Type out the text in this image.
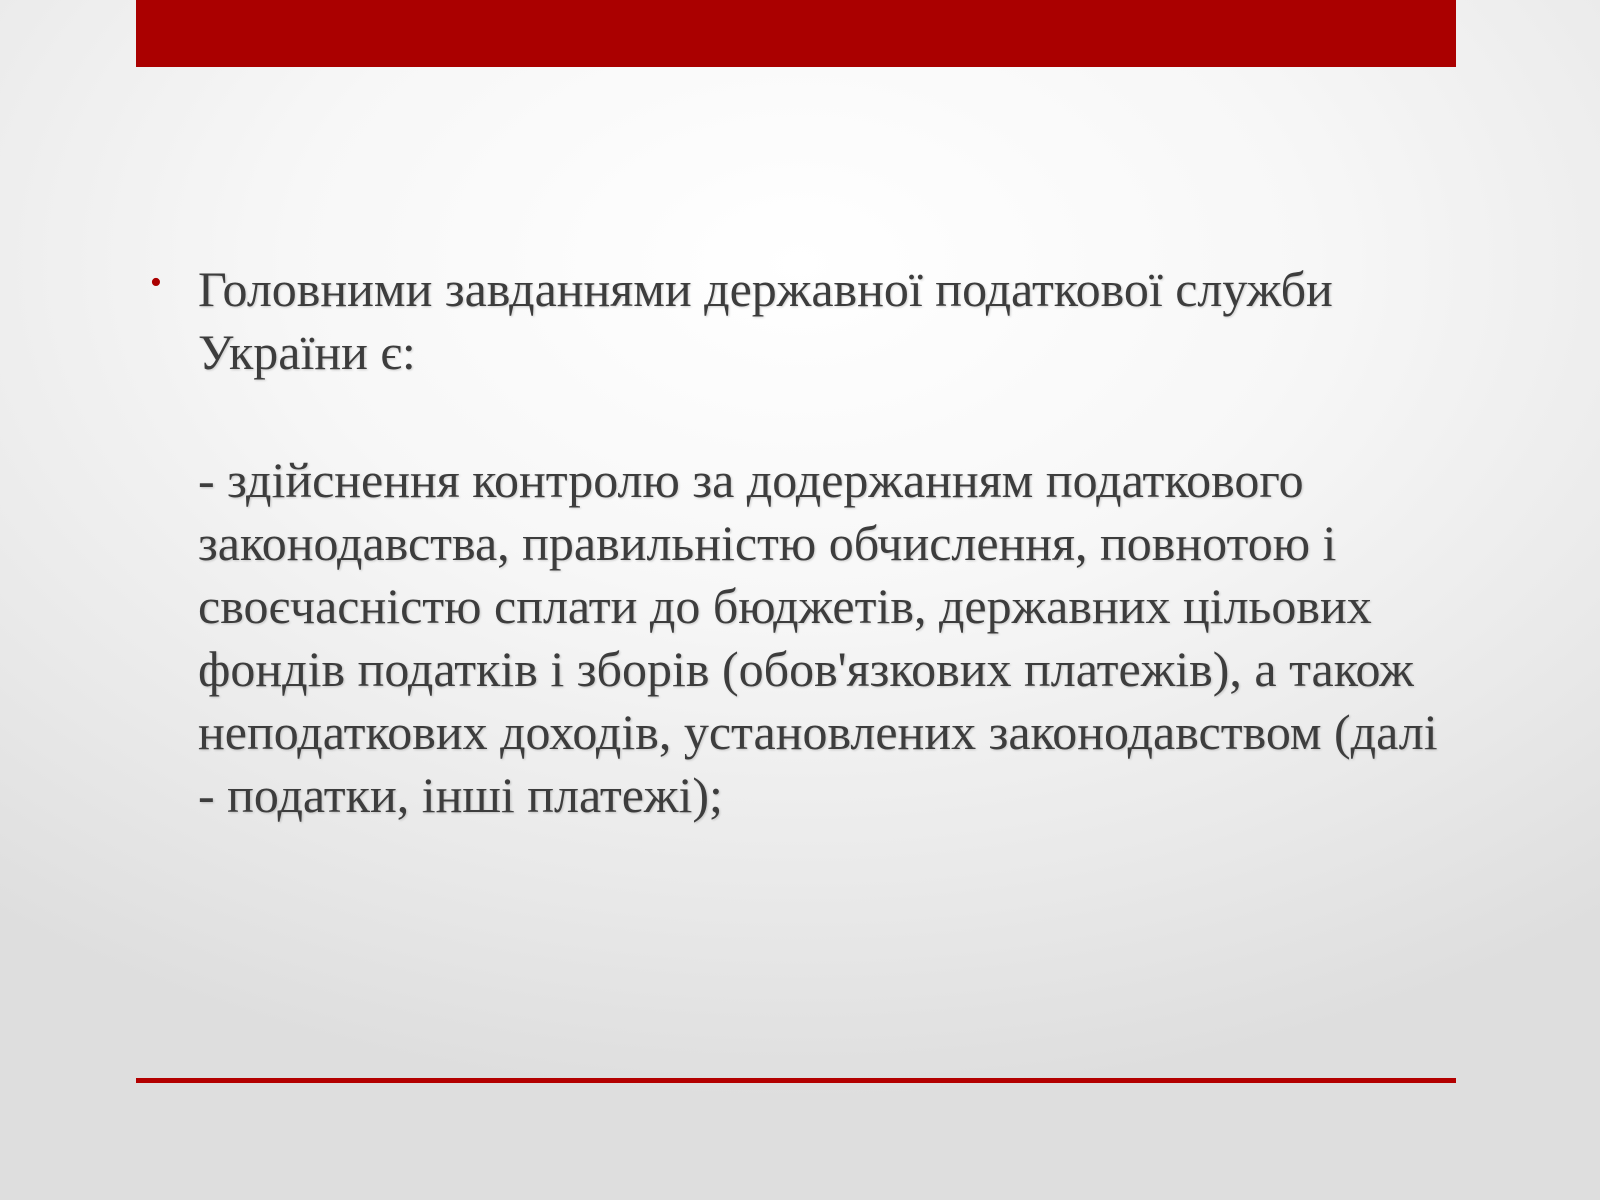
• Головними завданнями державної податкової служби України є:

- здійснення контролю за додержанням податкового законодавства, правильністю обчислення, повнотою і своєчасністю сплати до бюджетів, державних цільових фондів податків і зборів (обов'язкових платежів), а також неподаткових доходів, установлених законодавством (далі - податки, інші платежі);
